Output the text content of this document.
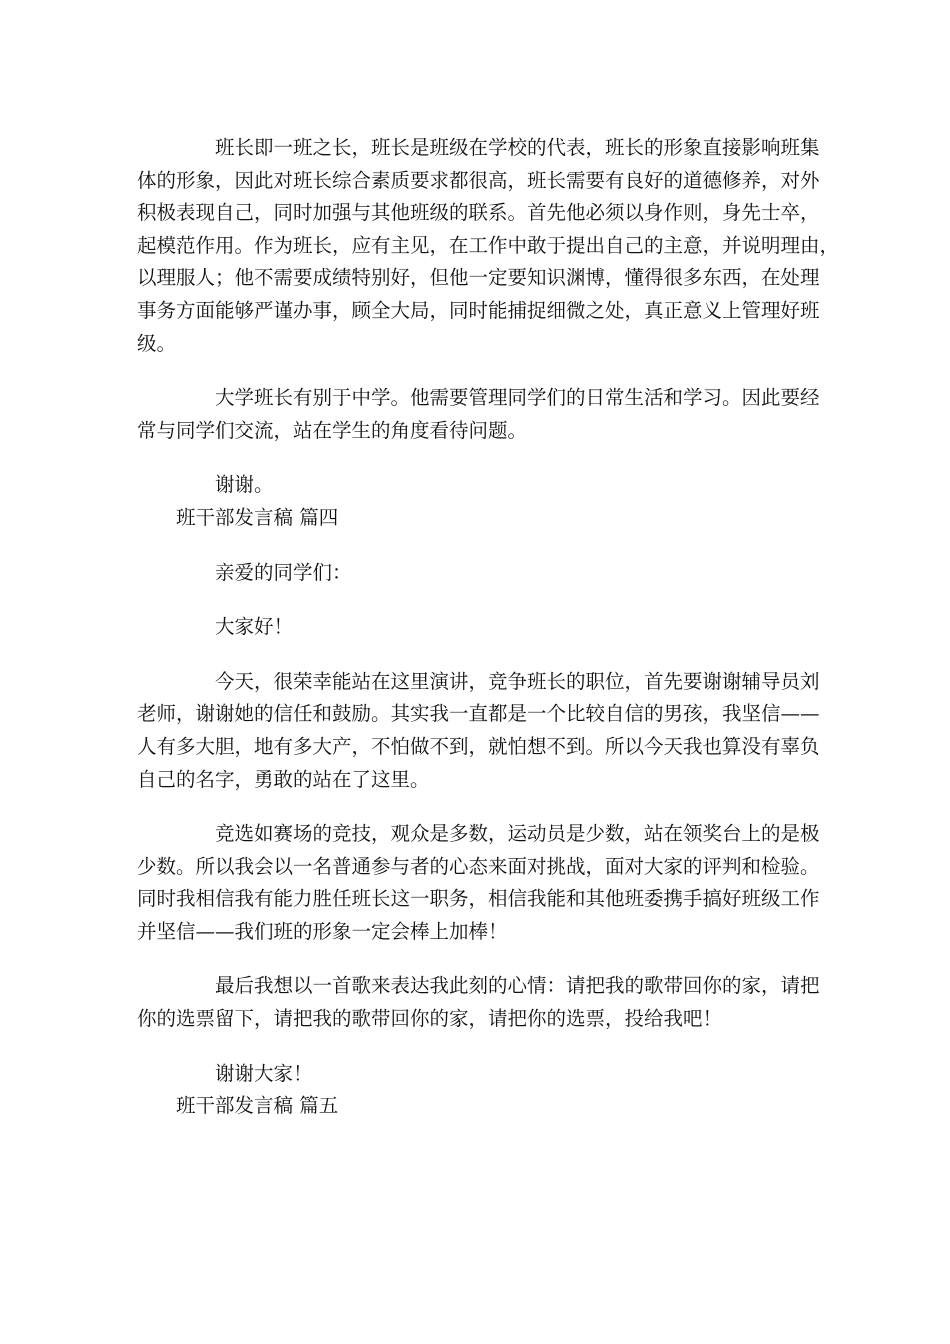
班长即一班之长，班长是班级在学校的代表，班长的形象直接影响班集
体的形象，因此对班长综合素质要求都很高，班长需要有良好的道德修养，对外
积极表现自己，同时加强与其他班级的联系。首先他必须以身作则，身先士卒，
起模范作用。作为班长，应有主见，在工作中敢于提出自己的主意，并说明理由，
以理服人；他不需要成绩特别好，但他一定要知识渊博，懂得很多东西，在处理
事务方面能够严谨办事，顾全大局，同时能捕捉细微之处，真正意义上管理好班
级。

大学班长有别于中学。他需要管理同学们的日常生活和学习。因此要经
常与同学们交流，站在学生的角度看待问题。

谢谢。

班干部发言稿 篇四

亲爱的同学们：

大家好！

今天，很荣幸能站在这里演讲，竞争班长的职位，首先要谢谢辅导员刘
老师，谢谢她的信任和鼓励。其实我一直都是一个比较自信的男孩，我坚信——
人有多大胆，地有多大产，不怕做不到，就怕想不到。所以今天我也算没有辜负
自己的名字，勇敢的站在了这里。

竞选如赛场的竞技，观众是多数，运动员是少数，站在领奖台上的是极
少数。所以我会以一名普通参与者的心态来面对挑战，面对大家的评判和检验。
同时我相信我有能力胜任班长这一职务，相信我能和其他班委携手搞好班级工作
并坚信——我们班的形象一定会棒上加棒！

最后我想以一首歌来表达我此刻的心情：请把我的歌带回你的家，请把
你的选票留下，请把我的歌带回你的家，请把你的选票，投给我吧！

谢谢大家！

班干部发言稿 篇五
